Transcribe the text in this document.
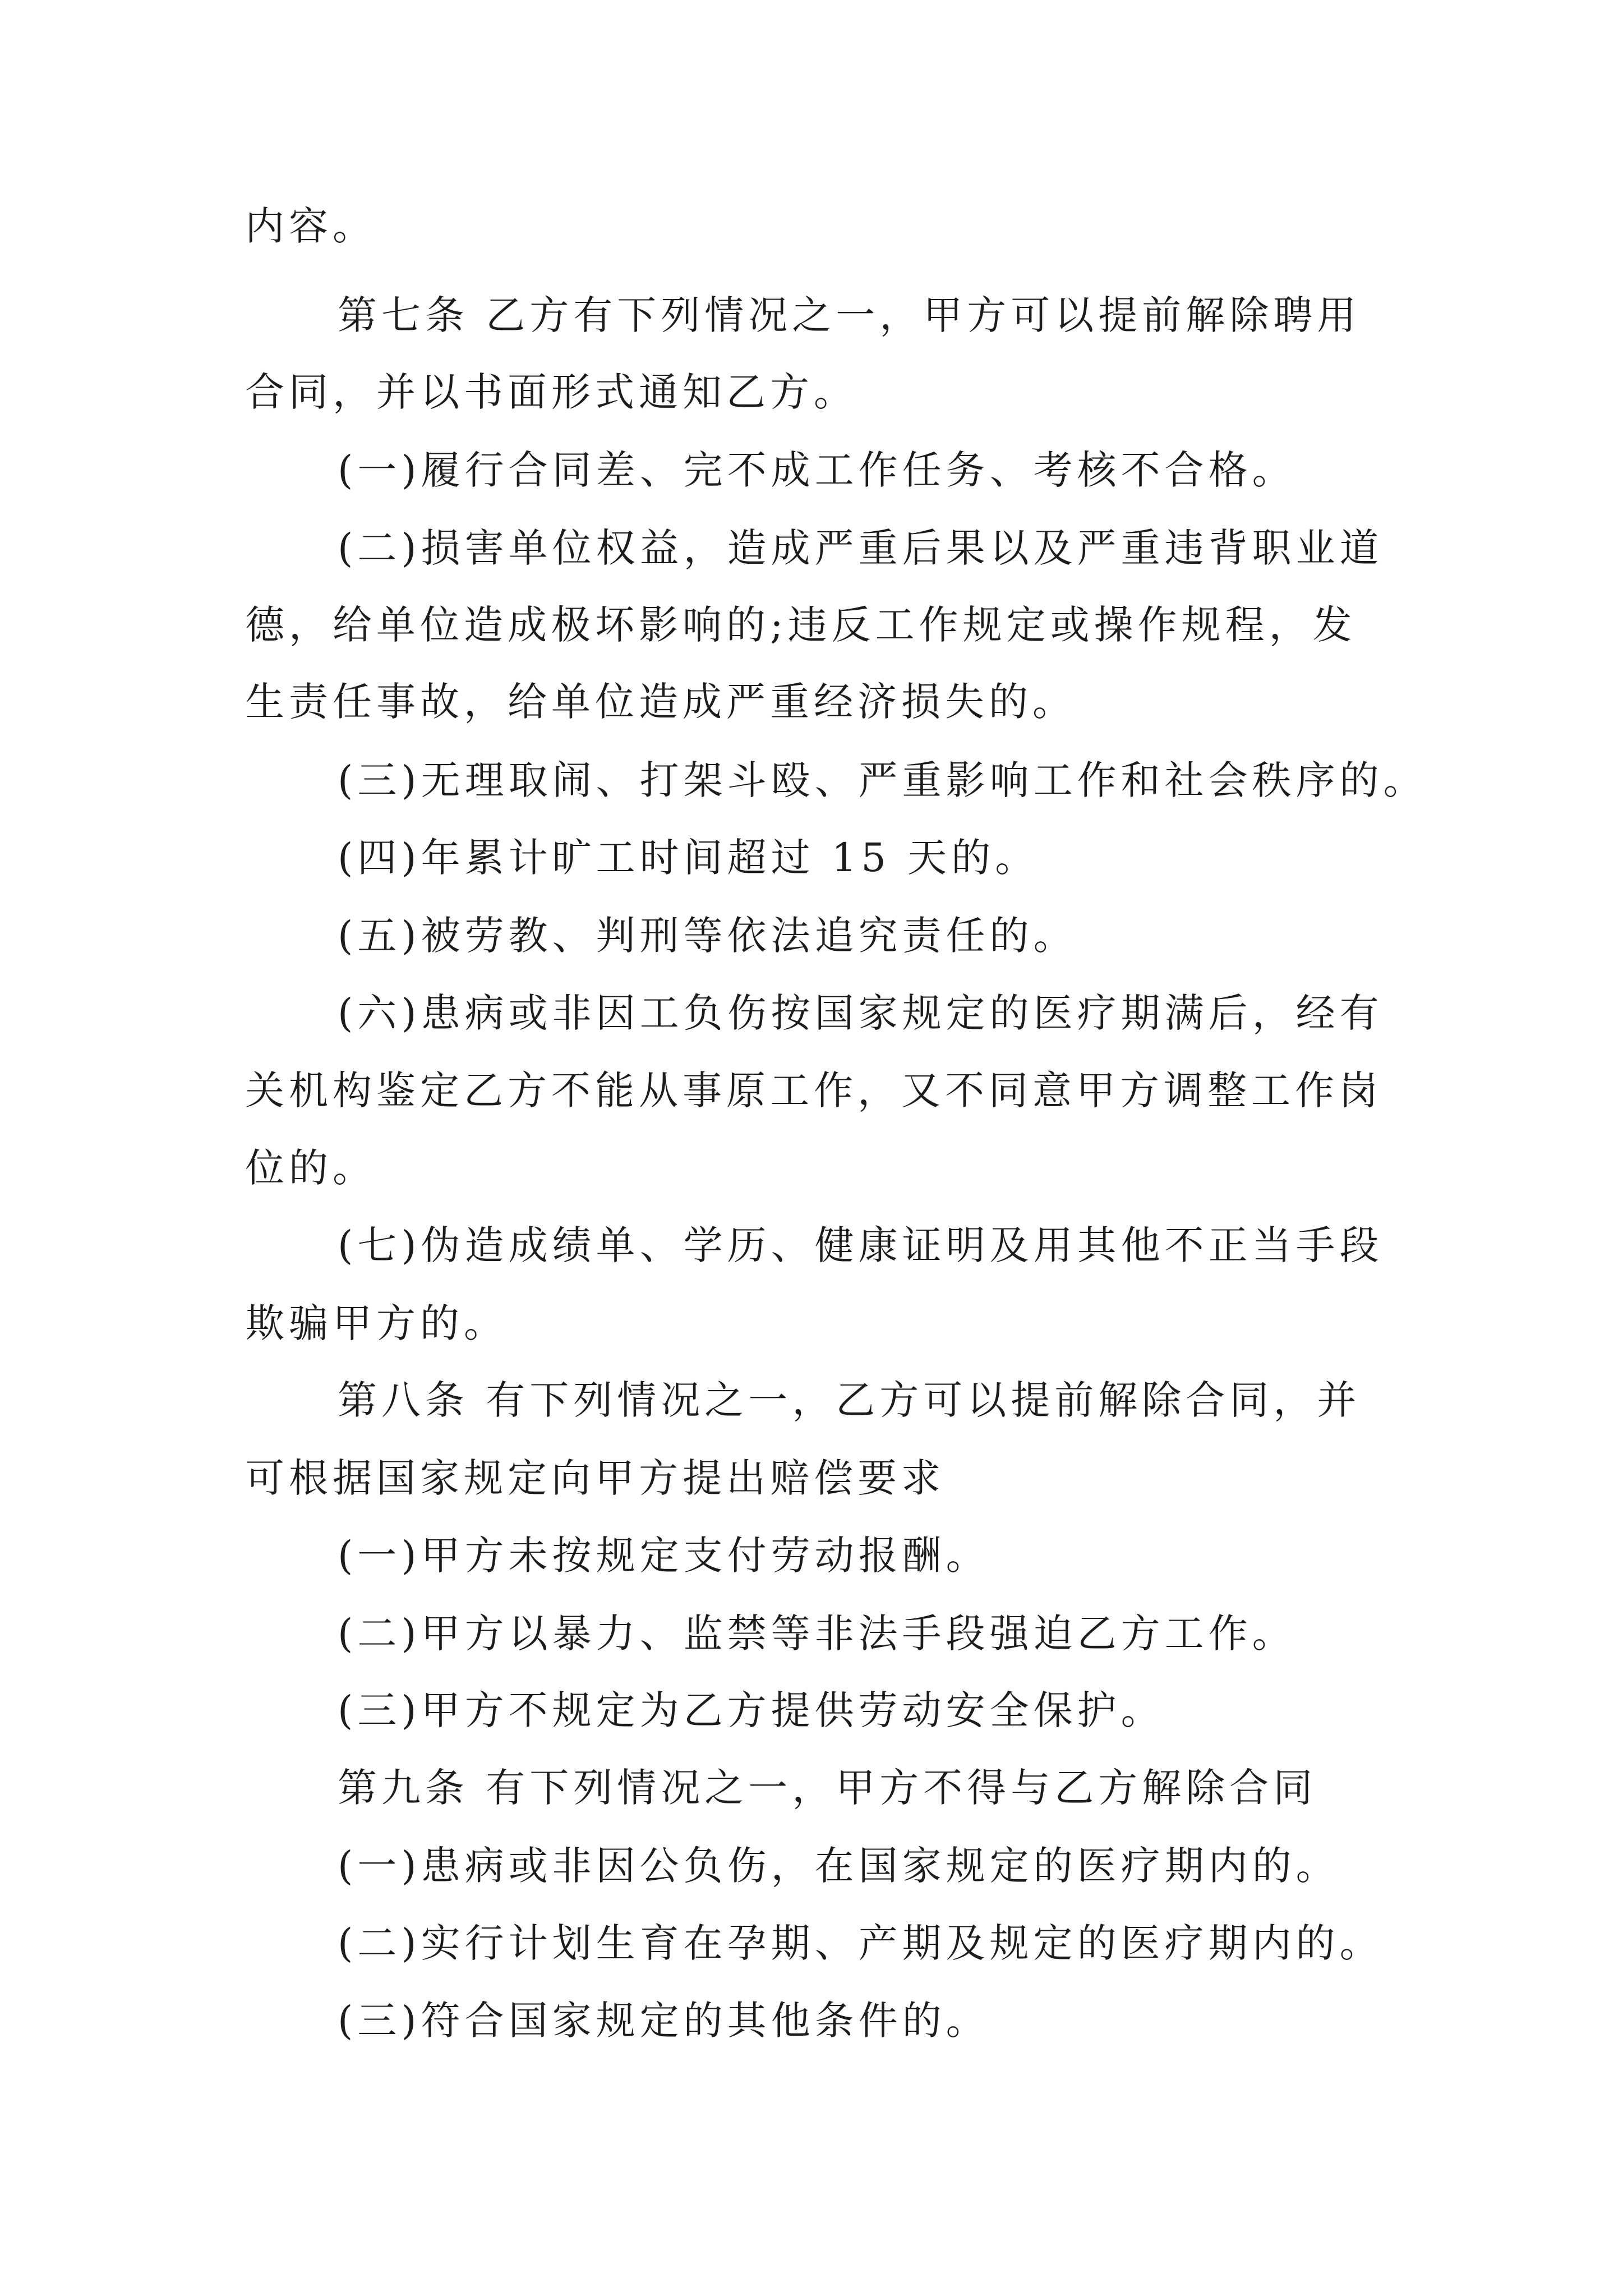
内容。

第七条 乙方有下列情况之一，甲方可以提前解除聘用

合同，并以书面形式通知乙方。

(一)履行合同差、完不成工作任务、考核不合格。

(二)损害单位权益，造成严重后果以及严重违背职业道

德，给单位造成极坏影响的;违反工作规定或操作规程，发

生责任事故，给单位造成严重经济损失的。

(三)无理取闹、打架斗殴、严重影响工作和社会秩序的。

(四)年累计旷工时间超过 15 天的。

(五)被劳教、判刑等依法追究责任的。

(六)患病或非因工负伤按国家规定的医疗期满后，经有

关机构鉴定乙方不能从事原工作，又不同意甲方调整工作岗

位的。

(七)伪造成绩单、学历、健康证明及用其他不正当手段

欺骗甲方的。

第八条 有下列情况之一，乙方可以提前解除合同，并

可根据国家规定向甲方提出赔偿要求

(一)甲方未按规定支付劳动报酬。

(二)甲方以暴力、监禁等非法手段强迫乙方工作。

(三)甲方不规定为乙方提供劳动安全保护。

第九条 有下列情况之一，甲方不得与乙方解除合同

(一)患病或非因公负伤，在国家规定的医疗期内的。

(二)实行计划生育在孕期、产期及规定的医疗期内的。

(三)符合国家规定的其他条件的。
